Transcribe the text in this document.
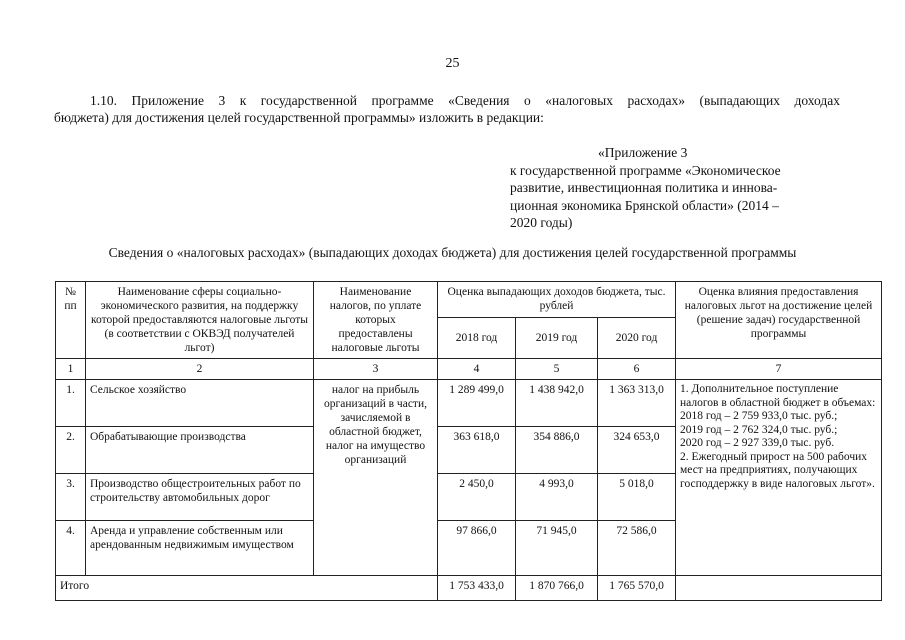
25
1.10. Приложение 3 к государственной программе «Сведения о «налоговых расходах» (выпадающих доходах
бюджета) для достижения целей государственной программы» изложить в редакции:
«Приложение 3
к государственной программе «Экономическое
развитие, инвестиционная политика и иннова-
ционная экономика Брянской области» (2014 –
2020 годы)
Сведения о «налоговых расходах» (выпадающих доходах бюджета) для достижения целей государственной программы
№ пп	Наименование сферы социально-экономического развития, на поддержку которой предоставляются налоговые льготы (в соответствии с ОКВЭД получателей льгот)	Наименование налогов, по уплате которых предоставлены налоговые льготы	Оценка выпадающих доходов бюджета, тыс. рублей			Оценка влияния предоставления налоговых льгот на достижение целей (решение задач) государственной программы
			2018 год	2019 год	2020 год	
1	2	3	4	5	6	7
1.	Сельское хозяйство	налог на прибыль организаций в части, зачисляемой в областной бюджет, налог на имущество организаций	1 289 499,0	1 438 942,0	1 363 313,0	1. Дополнительное поступление налогов в областной бюджет в объемах:
2018 год – 2 759 933,0 тыс. руб.;
2019 год – 2 762 324,0 тыс. руб.;
2020 год – 2 927 339,0 тыс. руб.
2. Ежегодный прирост на 500 рабочих мест на предприятиях, получающих господдержку в виде налоговых льгот».

2.	Обрабатывающие производства		363 618,0	354 886,0	324 653,0	
3.	Производство общестроительных работ по строительству автомобильных дорог		2 450,0	4 993,0	5 018,0	
4.	Аренда и управление собственным или арендованным недвижимым имуществом		97 866,0	71 945,0	72 586,0	
Итого			1 753 433,0	1 870 766,0	1 765 570,0	
